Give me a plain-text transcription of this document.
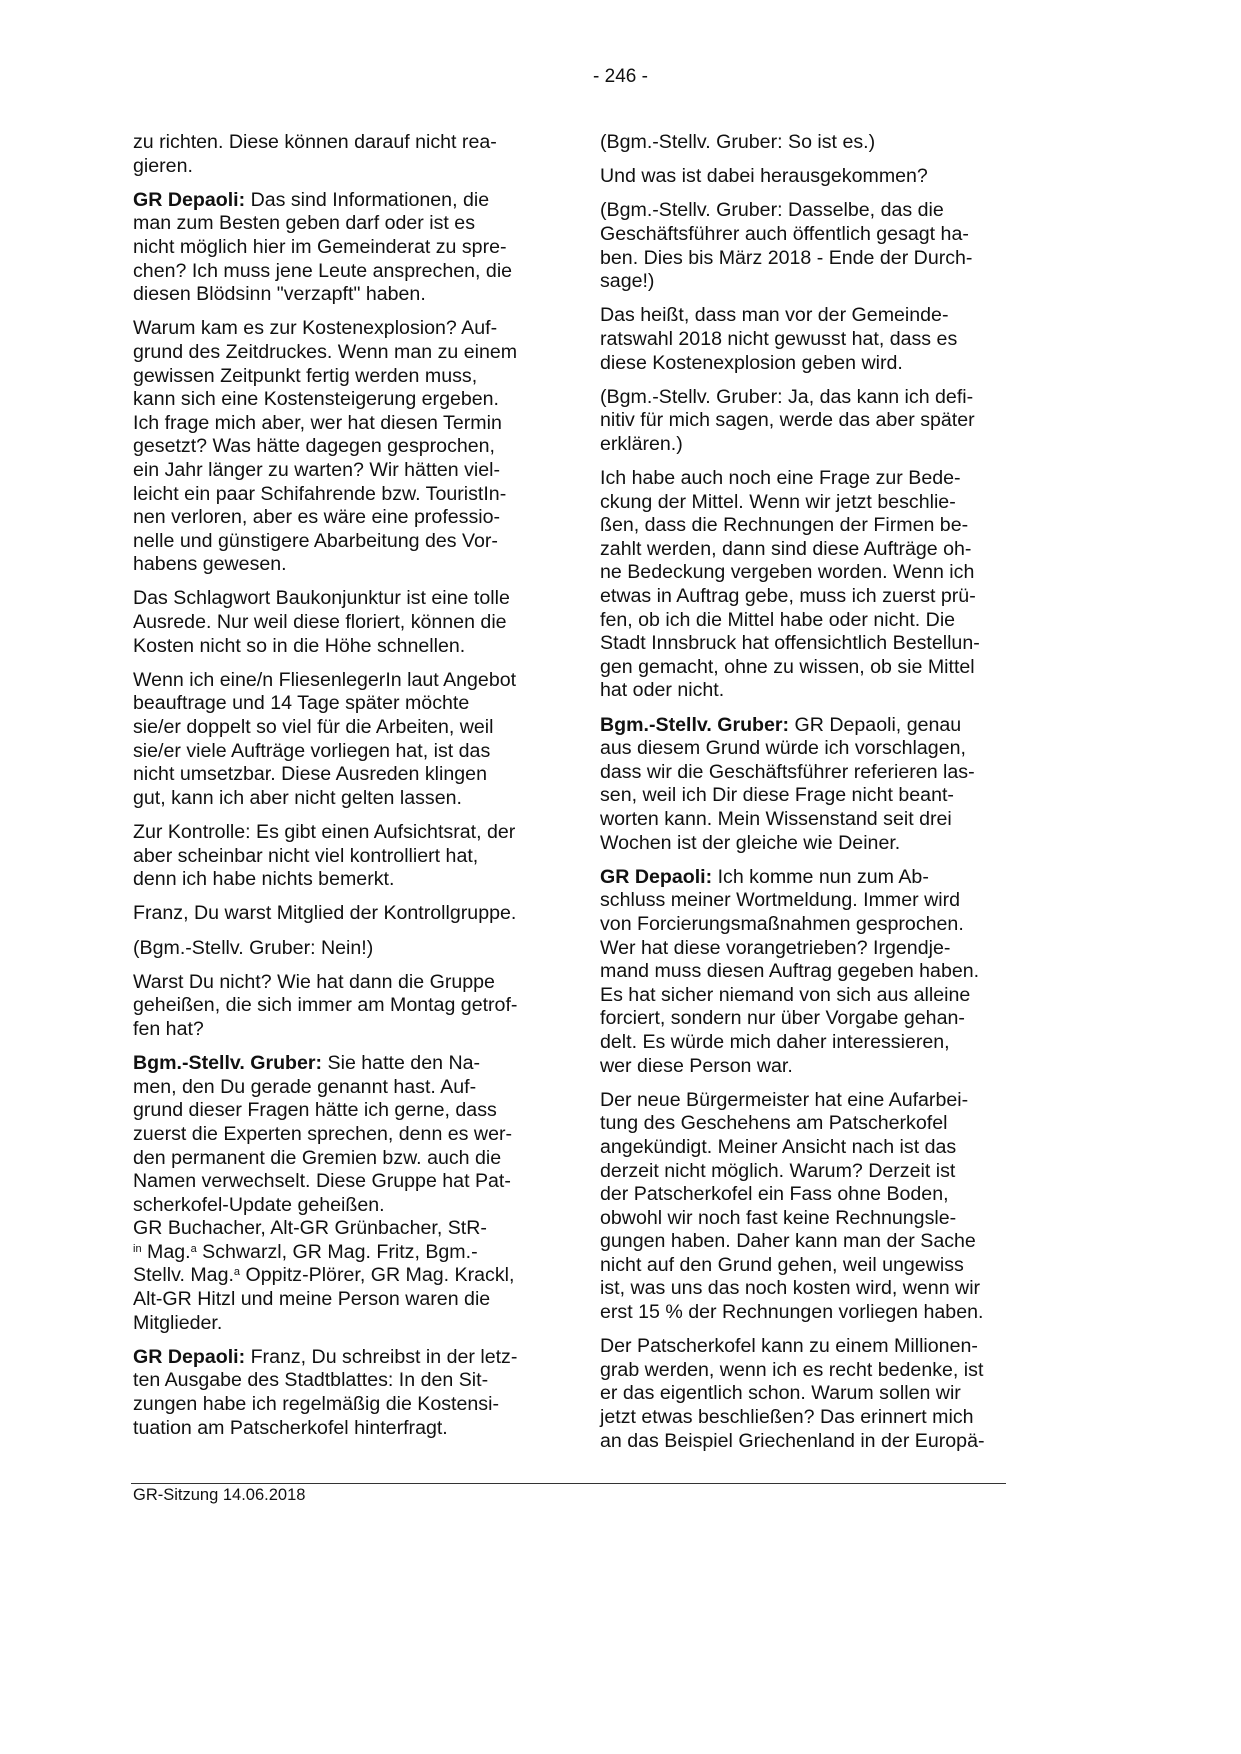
- 246 -
zu richten. Diese können darauf nicht rea-
gieren.
GR Depaoli: Das sind Informationen, die
man zum Besten geben darf oder ist es
nicht möglich hier im Gemeinderat zu spre-
chen? Ich muss jene Leute ansprechen, die
diesen Blödsinn "verzapft" haben.
Warum kam es zur Kostenexplosion? Auf-
grund des Zeitdruckes. Wenn man zu einem
gewissen Zeitpunkt fertig werden muss,
kann sich eine Kostensteigerung ergeben.
Ich frage mich aber, wer hat diesen Termin
gesetzt? Was hätte dagegen gesprochen,
ein Jahr länger zu warten? Wir hätten viel-
leicht ein paar Schifahrende bzw. TouristIn-
nen verloren, aber es wäre eine professio-
nelle und günstigere Abarbeitung des Vor-
habens gewesen.
Das Schlagwort Baukonjunktur ist eine tolle
Ausrede. Nur weil diese floriert, können die
Kosten nicht so in die Höhe schnellen.
Wenn ich eine/n FliesenlegerIn laut Angebot
beauftrage und 14 Tage später möchte
sie/er doppelt so viel für die Arbeiten, weil
sie/er viele Aufträge vorliegen hat, ist das
nicht umsetzbar. Diese Ausreden klingen
gut, kann ich aber nicht gelten lassen.
Zur Kontrolle: Es gibt einen Aufsichtsrat, der
aber scheinbar nicht viel kontrolliert hat,
denn ich habe nichts bemerkt.
Franz, Du warst Mitglied der Kontrollgruppe.
(Bgm.-Stellv. Gruber: Nein!)
Warst Du nicht? Wie hat dann die Gruppe
geheißen, die sich immer am Montag getrof-
fen hat?
Bgm.-Stellv. Gruber: Sie hatte den Na-
men, den Du gerade genannt hast. Auf-
grund dieser Fragen hätte ich gerne, dass
zuerst die Experten sprechen, denn es wer-
den permanent die Gremien bzw. auch die
Namen verwechselt. Diese Gruppe hat Pat-
scherkofel-Update geheißen.
GR Buchacher, Alt-GR Grünbacher, StR-
$^{in}$ Mag.$^a$ Schwarzl, GR Mag. Fritz, Bgm.-
Stellv. Mag.$^a$ Oppitz-Plörer, GR Mag. Krackl,
Alt-GR Hitzl und meine Person waren die
Mitglieder.
GR Depaoli: Franz, Du schreibst in der letz-
ten Ausgabe des Stadtblattes: In den Sit-
zungen habe ich regelmäßig die Kostensi-
tuation am Patscherkofel hinterfragt.
(Bgm.-Stellv. Gruber: So ist es.)
Und was ist dabei herausgekommen?
(Bgm.-Stellv. Gruber: Dasselbe, das die
Geschäftsführer auch öffentlich gesagt ha-
ben. Dies bis März 2018 - Ende der Durch-
sage!)
Das heißt, dass man vor der Gemeinde-
ratswahl 2018 nicht gewusst hat, dass es
diese Kostenexplosion geben wird.
(Bgm.-Stellv. Gruber: Ja, das kann ich defi-
nitiv für mich sagen, werde das aber später
erklären.)
Ich habe auch noch eine Frage zur Bede-
ckung der Mittel. Wenn wir jetzt beschlie-
ßen, dass die Rechnungen der Firmen be-
zahlt werden, dann sind diese Aufträge oh-
ne Bedeckung vergeben worden. Wenn ich
etwas in Auftrag gebe, muss ich zuerst prü-
fen, ob ich die Mittel habe oder nicht. Die
Stadt Innsbruck hat offensichtlich Bestellun-
gen gemacht, ohne zu wissen, ob sie Mittel
hat oder nicht.
Bgm.-Stellv. Gruber: GR Depaoli, genau
aus diesem Grund würde ich vorschlagen,
dass wir die Geschäftsführer referieren las-
sen, weil ich Dir diese Frage nicht beant-
worten kann. Mein Wissenstand seit drei
Wochen ist der gleiche wie Deiner.
GR Depaoli: Ich komme nun zum Ab-
schluss meiner Wortmeldung. Immer wird
von Forcierungsmaßnahmen gesprochen.
Wer hat diese vorangetrieben? Irgendje-
mand muss diesen Auftrag gegeben haben.
Es hat sicher niemand von sich aus alleine
forciert, sondern nur über Vorgabe gehan-
delt. Es würde mich daher interessieren,
wer diese Person war.
Der neue Bürgermeister hat eine Aufarbei-
tung des Geschehens am Patscherkofel
angekündigt. Meiner Ansicht nach ist das
derzeit nicht möglich. Warum? Derzeit ist
der Patscherkofel ein Fass ohne Boden,
obwohl wir noch fast keine Rechnungsle-
gungen haben. Daher kann man der Sache
nicht auf den Grund gehen, weil ungewiss
ist, was uns das noch kosten wird, wenn wir
erst 15 % der Rechnungen vorliegen haben.
Der Patscherkofel kann zu einem Millionen-
grab werden, wenn ich es recht bedenke, ist
er das eigentlich schon. Warum sollen wir
jetzt etwas beschließen? Das erinnert mich
an das Beispiel Griechenland in der Europä-
GR-Sitzung 14.06.2018
